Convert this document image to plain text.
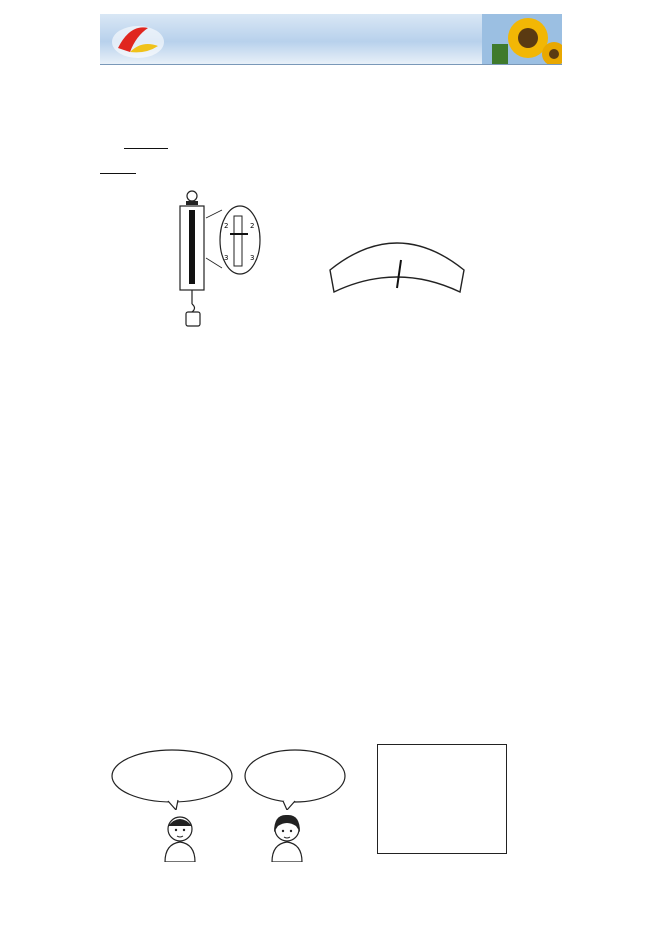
2	2
3	3
